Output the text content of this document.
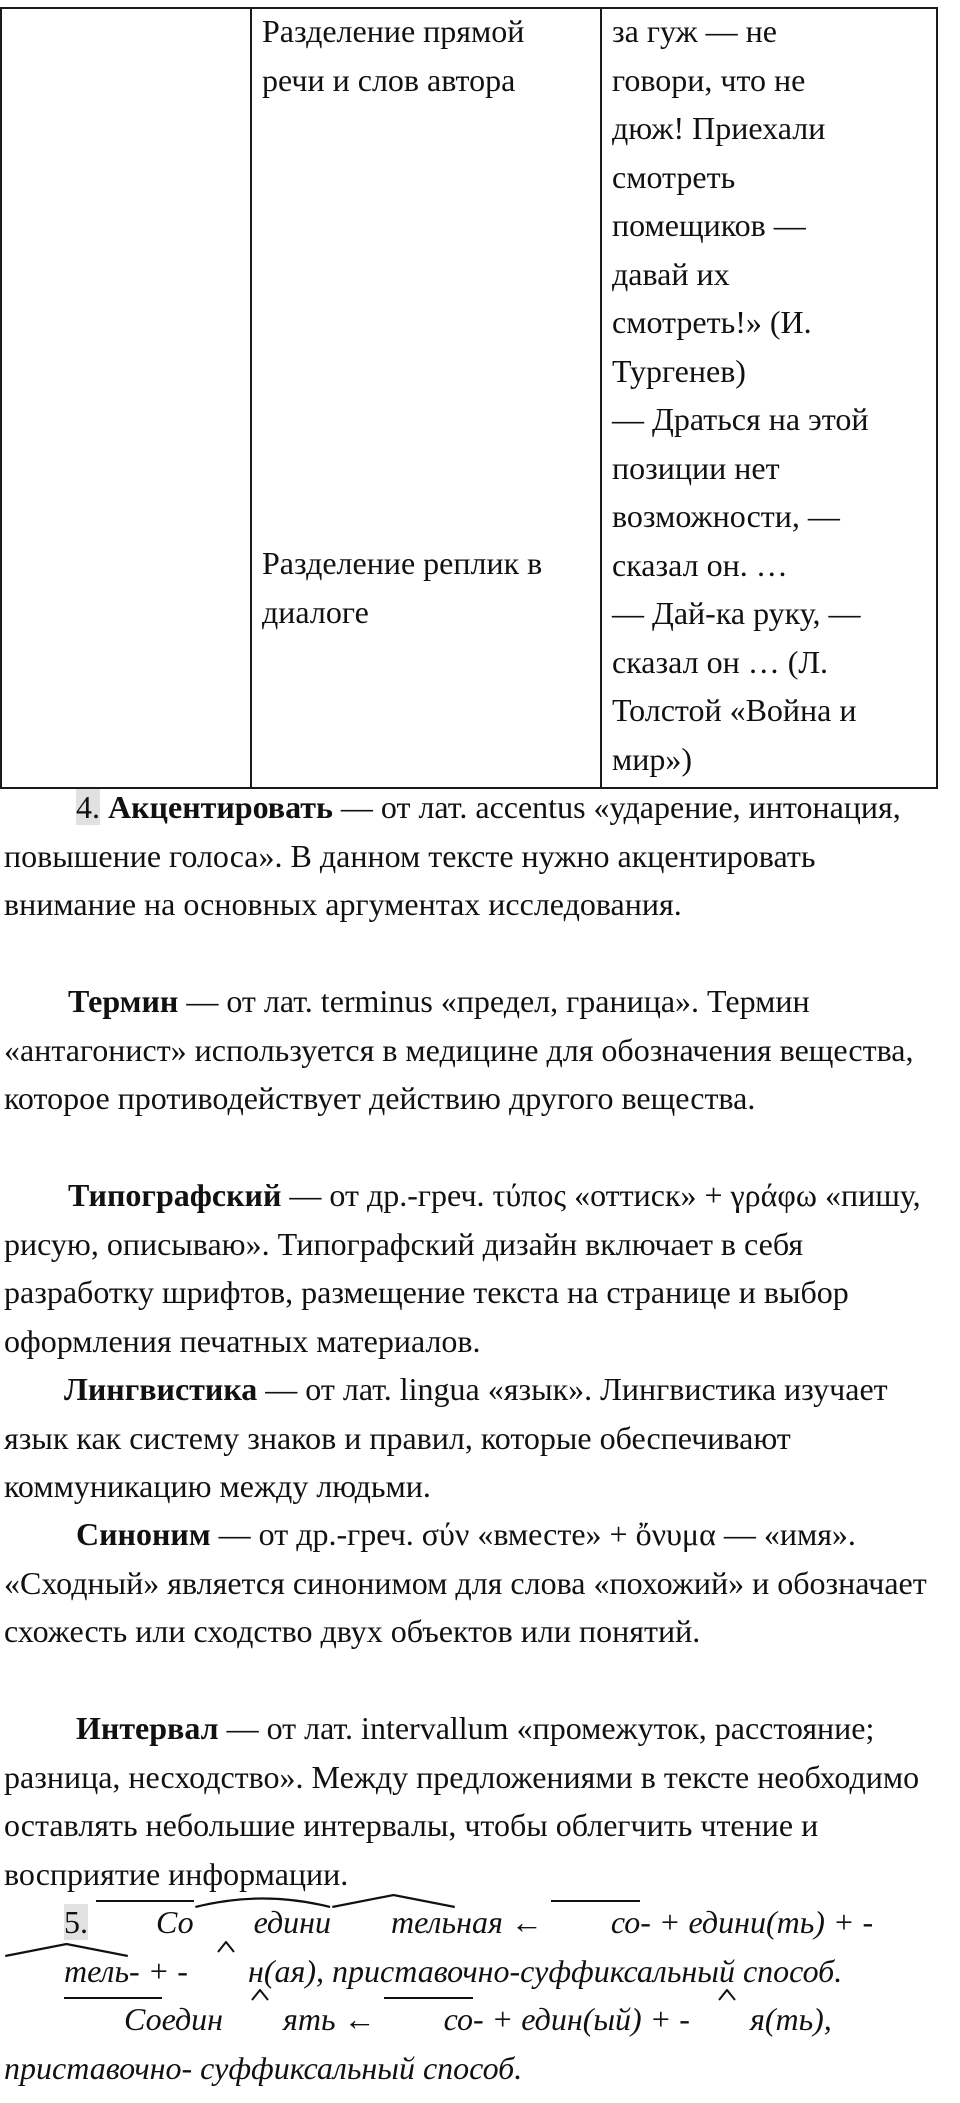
Разделение прямой
речи и слов автора
Разделение реплик в
диалоге
за гуж — не
говори, что не
дюж! Приехали
смотреть
помещиков —
давай их
смотреть!» (И.
Тургенев)
— Драться на этой
позиции нет
возможности, —
сказал он. …
— Дай-ка руку, —
сказал он … (Л.
Толстой «Война и
мир»)
4. Акцентировать — от лат. accentus «ударение, интонация, повышение голоса». В данном тексте нужно акцентировать внимание на основных аргументах исследования.
Термин — от лат. terminus «предел, граница». Термин «антагонист» используется в медицине для обозначения вещества, которое противодействует действию другого вещества.
Типографский — от др.-греч. τύπος «оттиск» + γράφω «пишу, рисую, описываю». Типографский дизайн включает в себя разработку шрифтов, размещение текста на странице и выбор оформления печатных материалов.
Лингвистика — от лат. lingua «язык». Лингвистика изучает язык как систему знаков и правил, которые обеспечивают коммуникацию между людьми.
Синоним — от др.-греч. σύν «вместе» + ὄνυμα — «имя». «Сходный» является синонимом для слова «похожий» и обозначает схожесть или сходство двух объектов или понятий.
Интервал — от лат. intervallum «промежуток, расстояние; разница, несходство». Между предложениями в тексте необходимо оставлять небольшие интервалы, чтобы облегчить чтение и восприятие информации.
5. Со едини тельная ←
со- + едини(ть) + -
тель- + - н(ая), приставочно-суффиксальный способ.
Соедин ять ←
со- + един(ый) + - я(ть), приставочно- суффиксальный способ.
